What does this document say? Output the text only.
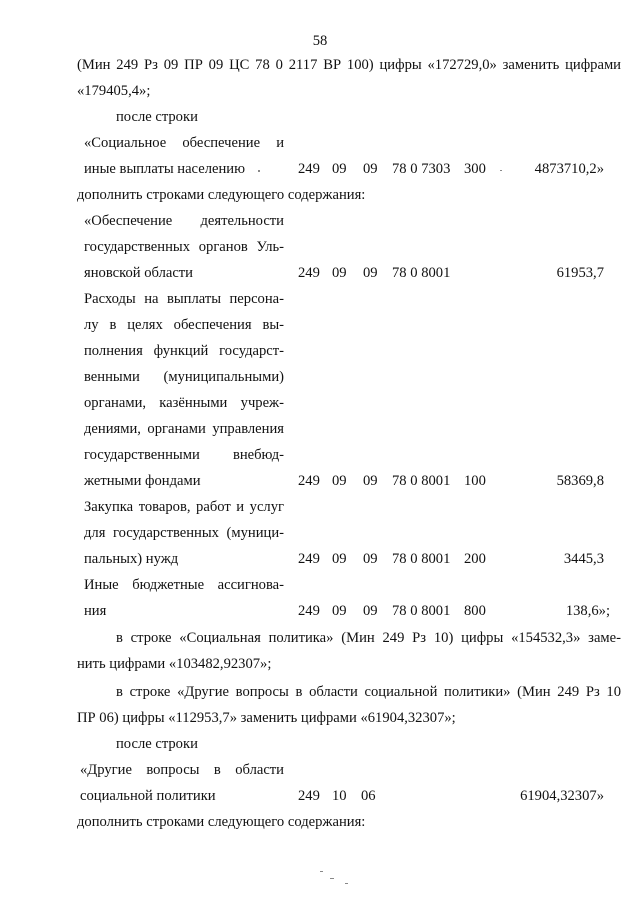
58
(Мин 249 Рз 09 ПР 09 ЦС 78 0 2117 ВР 100) цифры «172729,0» заменить цифрами
«179405,4»;
после строки
«Социальное обеспечение и
иные выплаты населению	249 09 09 78 0 7303 300	4873710,2»
дополнить строками следующего содержания:
«Обеспечение деятельности
государственных органов Уль-
яновской области	249 09 09 78 0 8001	61953,7
Расходы на выплаты персона-
лу в целях обеспечения вы-
полнения функций государст-
венными (муниципальными)
органами, казёнными учреж-
дениями, органами управления
государственными внебюд-
жетными фондами	249 09 09 78 0 8001 100	58369,8
Закупка товаров, работ и услуг
для государственных (муници-
пальных) нужд	249 09 09 78 0 8001 200	3445,3
Иные бюджетные ассигнова-
ния	249 09 09 78 0 8001 800	138,6»;
в строке «Социальная политика» (Мин 249 Рз 10) цифры «154532,3» заме-
нить цифрами «103482,92307»;
в строке «Другие вопросы в области социальной политики» (Мин 249 Рз 10
ПР 06) цифры «112953,7» заменить цифрами «61904,32307»;
после строки
«Другие вопросы в области
социальной политики	249 10 06	61904,32307»
дополнить строками следующего содержания:
